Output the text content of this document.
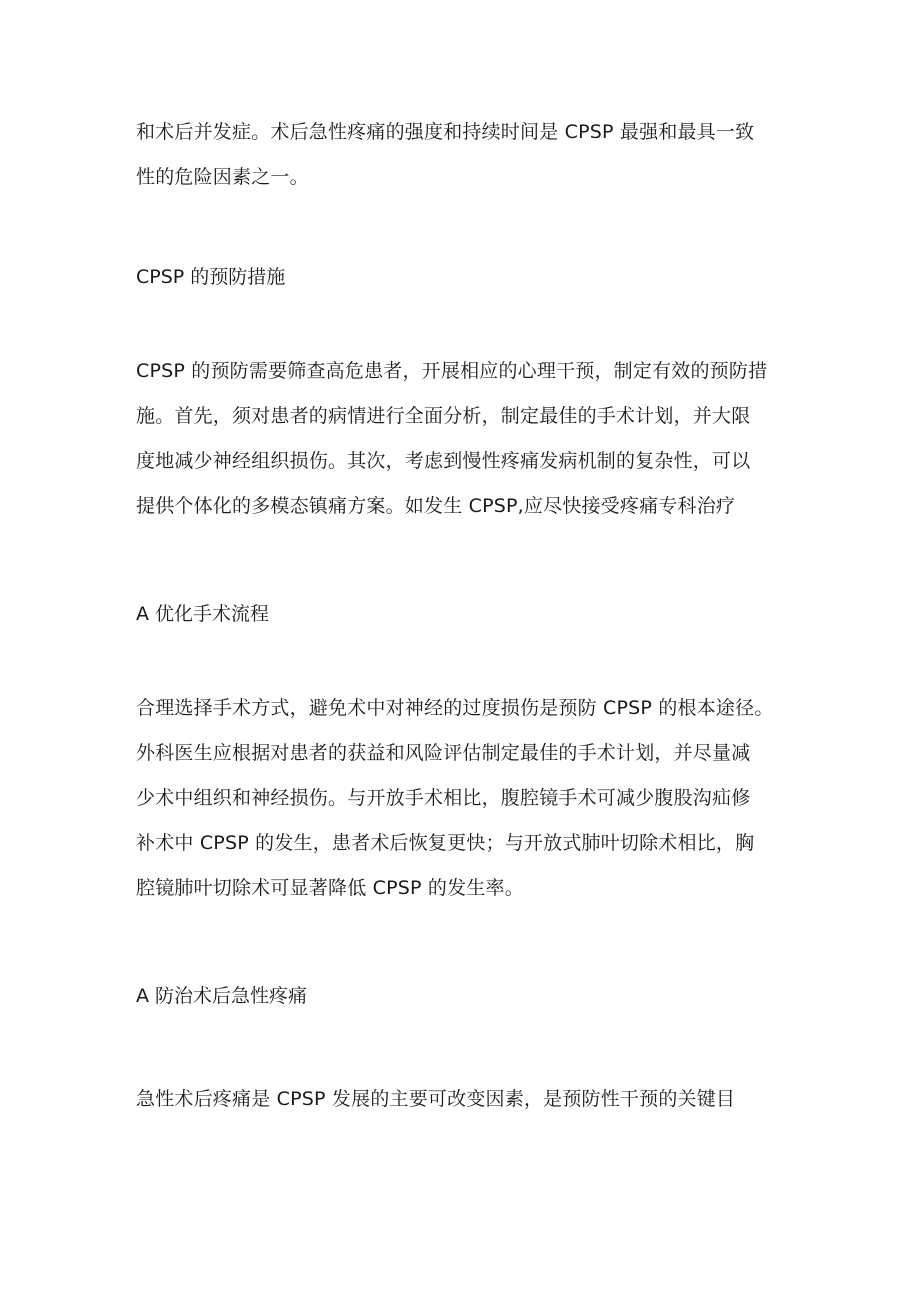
和术后并发症。术后急性疼痛的强度和持续时间是 CPSP 最强和最具一致
性的危险因素之一。
CPSP 的预防措施
CPSP 的预防需要筛查高危患者，开展相应的心理干预，制定有效的预防措
施。首先，须对患者的病情进行全面分析，制定最佳的手术计划，并大限
度地减少神经组织损伤。其次，考虑到慢性疼痛发病机制的复杂性，可以
提供个体化的多模态镇痛方案。如发生 CPSP,应尽快接受疼痛专科治疗
A 优化手术流程
合理选择手术方式，避免术中对神经的过度损伤是预防 CPSP 的根本途径。
外科医生应根据对患者的获益和风险评估制定最佳的手术计划，并尽量减
少术中组织和神经损伤。与开放手术相比，腹腔镜手术可减少腹股沟疝修
补术中 CPSP 的发生，患者术后恢复更快；与开放式肺叶切除术相比，胸
腔镜肺叶切除术可显著降低 CPSP 的发生率。
A 防治术后急性疼痛
急性术后疼痛是 CPSP 发展的主要可改变因素，是预防性干预的关键目
